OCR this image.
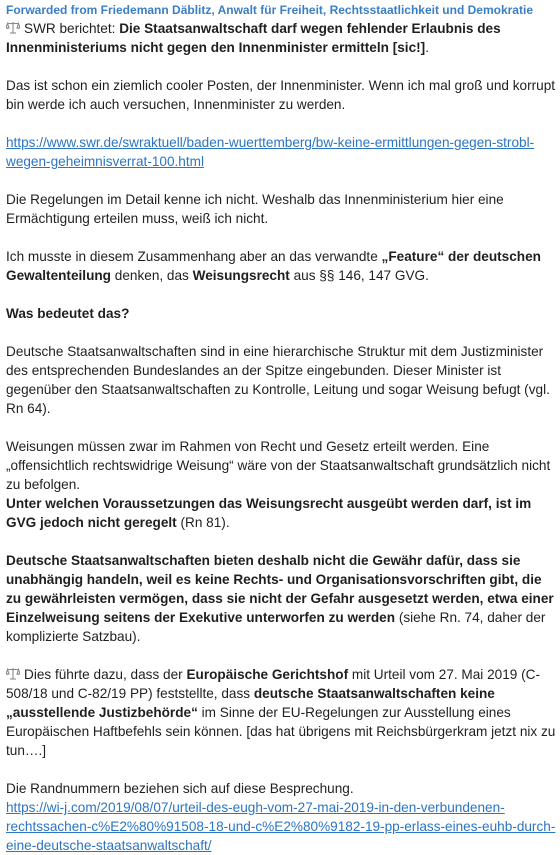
Forwarded from Friedemann Däblitz, Anwalt für Freiheit, Rechtsstaatlichkeit und Demokratie

SWR berichtet: Die Staatsanwaltschaft darf wegen fehlender Erlaubnis des Innenministeriums nicht gegen den Innenminister ermitteln [sic!].

Das ist schon ein ziemlich cooler Posten, der Innenminister. Wenn ich mal groß und korrupt bin werde ich auch versuchen, Innenminister zu werden.

https://www.swr.de/swraktuell/baden-wuerttemberg/bw-keine-ermittlungen-gegen-strobl-
wegen-geheimnisverrat-100.html

Die Regelungen im Detail kenne ich nicht. Weshalb das Innenministerium hier eine Ermächtigung erteilen muss, weiß ich nicht.

Ich musste in diesem Zusammenhang aber an das verwandte „Feature“ der deutschen Gewaltenteilung denken, das Weisungsrecht aus §§ 146, 147 GVG.

Was bedeutet das?

Deutsche Staatsanwaltschaften sind in eine hierarchische Struktur mit dem Justizminister des entsprechenden Bundeslandes an der Spitze eingebunden. Dieser Minister ist gegenüber den Staatsanwaltschaften zu Kontrolle, Leitung und sogar Weisung befugt (vgl. Rn 64).

Weisungen müssen zwar im Rahmen von Recht und Gesetz erteilt werden. Eine „offensichtlich rechtswidrige Weisung“ wäre von der Staatsanwaltschaft grundsätzlich nicht zu befolgen.
Unter welchen Voraussetzungen das Weisungsrecht ausgeübt werden darf, ist im GVG jedoch nicht geregelt (Rn 81).

Deutsche Staatsanwaltschaften bieten deshalb nicht die Gewähr dafür, dass sie unabhängig handeln, weil es keine Rechts- und Organisationsvorschriften gibt, die zu gewährleisten vermögen, dass sie nicht der Gefahr ausgesetzt werden, etwa einer Einzelweisung seitens der Exekutive unterworfen zu werden (siehe Rn. 74, daher der komplizierte Satzbau).

Dies führte dazu, dass der Europäische Gerichtshof mit Urteil vom 27. Mai 2019 (C-508/18 und C-82/19 PP) feststellte, dass deutsche Staatsanwaltschaften keine „ausstellende Justizbehörde“ im Sinne der EU-Regelungen zur Ausstellung eines Europäischen Haftbefehls sein können. [das hat übrigens mit Reichsbürgerkram jetzt nix zu tun….]

Die Randnummern beziehen sich auf diese Besprechung.

https://wi-j.com/2019/08/07/urteil-des-eugh-vom-27-mai-2019-in-den-verbundenen-
rechtssachen-c%E2%80%91508-18-und-c%E2%80%9182-19-pp-erlass-eines-euhb-durch-
eine-deutsche-staatsanwaltschaft/
